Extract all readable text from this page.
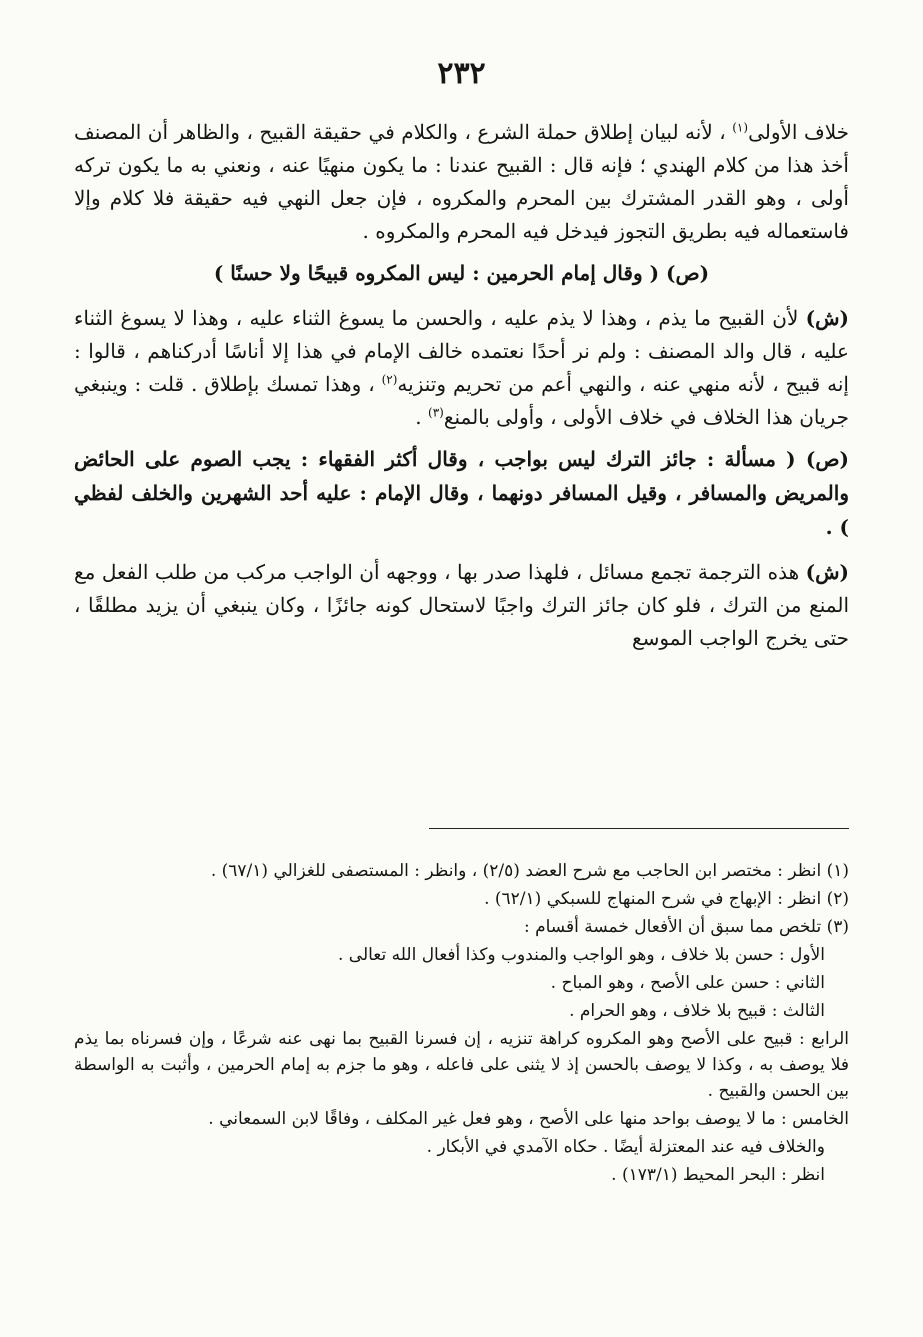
٢٣٢

خلاف الأولى$^{(١)}$ ، لأنه لبيان إطلاق حملة الشرع ، والكلام في حقيقة القبيح ، والظاهر أن المصنف أخذ هذا من كلام الهندي ؛ فإنه قال : القبيح عندنا : ما يكون منهيًا عنه ، ونعني به ما يكون تركه أولى ، وهو القدر المشترك بين المحرم والمكروه ، فإن جعل النهي فيه حقيقة فلا كلام وإلا فاستعماله فيه بطريق التجوز فيدخل فيه المحرم والمكروه .

(ص) ( وقال إمام الحرمين : ليس المكروه قبيحًا ولا حسنًا )

(ش) لأن القبيح ما يذم ، وهذا لا يذم عليه ، والحسن ما يسوغ الثناء عليه ، وهذا لا يسوغ الثناء عليه ، قال والد المصنف : ولم نر أحدًا نعتمده خالف الإمام في هذا إلا أناسًا أدركناهم ، قالوا : إنه قبيح ، لأنه منهي عنه ، والنهي أعم من تحريم وتنزيه$^{(٢)}$ ، وهذا تمسك بإطلاق . قلت : وينبغي جريان هذا الخلاف في خلاف الأولى ، وأولى بالمنع$^{(٣)}$ .

(ص) ( مسألة : جائز الترك ليس بواجب ، وقال أكثر الفقهاء : يجب الصوم على الحائض والمريض والمسافر ، وقيل المسافر دونهما ، وقال الإمام : عليه أحد الشهرين والخلف لفظي ) .

(ش) هذه الترجمة تجمع مسائل ، فلهذا صدر بها ، ووجهه أن الواجب مركب من طلب الفعل مع المنع من الترك ، فلو كان جائز الترك واجبًا لاستحال كونه جائزًا ، وكان ينبغي أن يزيد مطلقًا ، حتى يخرج الواجب الموسع

(١) انظر : مختصر ابن الحاجب مع شرح العضد (٢/٥) ، وانظر : المستصفى للغزالي (٦٧/١) .

(٢) انظر : الإبهاج في شرح المنهاج للسبكي (٦٢/١) .

(٣) تلخص مما سبق أن الأفعال خمسة أقسام :

الأول : حسن بلا خلاف ، وهو الواجب والمندوب وكذا أفعال الله تعالى .

الثاني : حسن على الأصح ، وهو المباح .

الثالث : قبيح بلا خلاف ، وهو الحرام .

الرابع : قبيح على الأصح وهو المكروه كراهة تنزيه ، إن فسرنا القبيح بما نهى عنه شرعًا ، وإن فسرناه بما يذم فلا يوصف به ، وكذا لا يوصف بالحسن إذ لا يثنى على فاعله ، وهو ما جزم به إمام الحرمين ، وأثبت به الواسطة بين الحسن والقبيح .

الخامس : ما لا يوصف بواحد منها على الأصح ، وهو فعل غير المكلف ، وفاقًا لابن السمعاني .

والخلاف فيه عند المعتزلة أيضًا . حكاه الآمدي في الأبكار .

انظر : البحر المحيط (١٧٣/١) .
